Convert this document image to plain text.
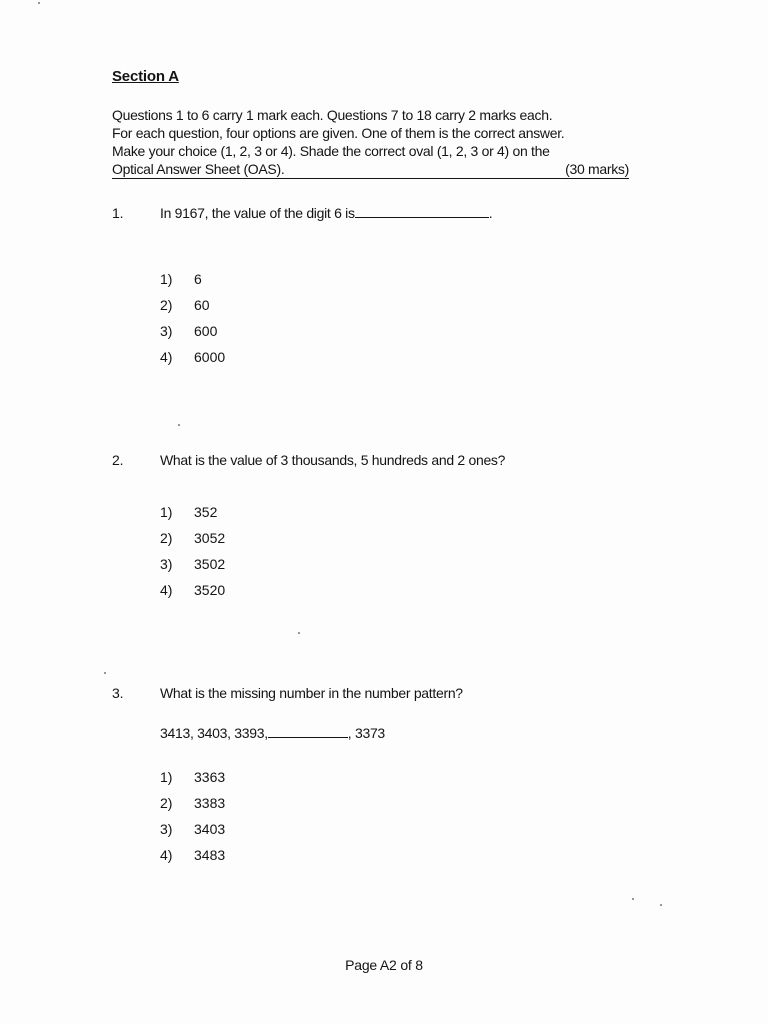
Section A
Questions 1 to 6 carry 1 mark each. Questions 7 to 18 carry 2 marks each.
For each question, four options are given. One of them is the correct answer.
Make your choice (1, 2, 3 or 4). Shade the correct oval (1, 2, 3 or 4) on the
Optical Answer Sheet (OAS).	(30 marks)
1.	In 9167, the value of the digit 6 is	.
1) 6
2) 60
3) 600
4) 6000
2.	What is the value of 3 thousands, 5 hundreds and 2 ones?
1) 352
2) 3052
3) 3502
4) 3520
3.	What is the missing number in the number pattern?
3413, 3403, 3393,	, 3373
1) 3363
2) 3383
3) 3403
4) 3483
Page A2 of 8
